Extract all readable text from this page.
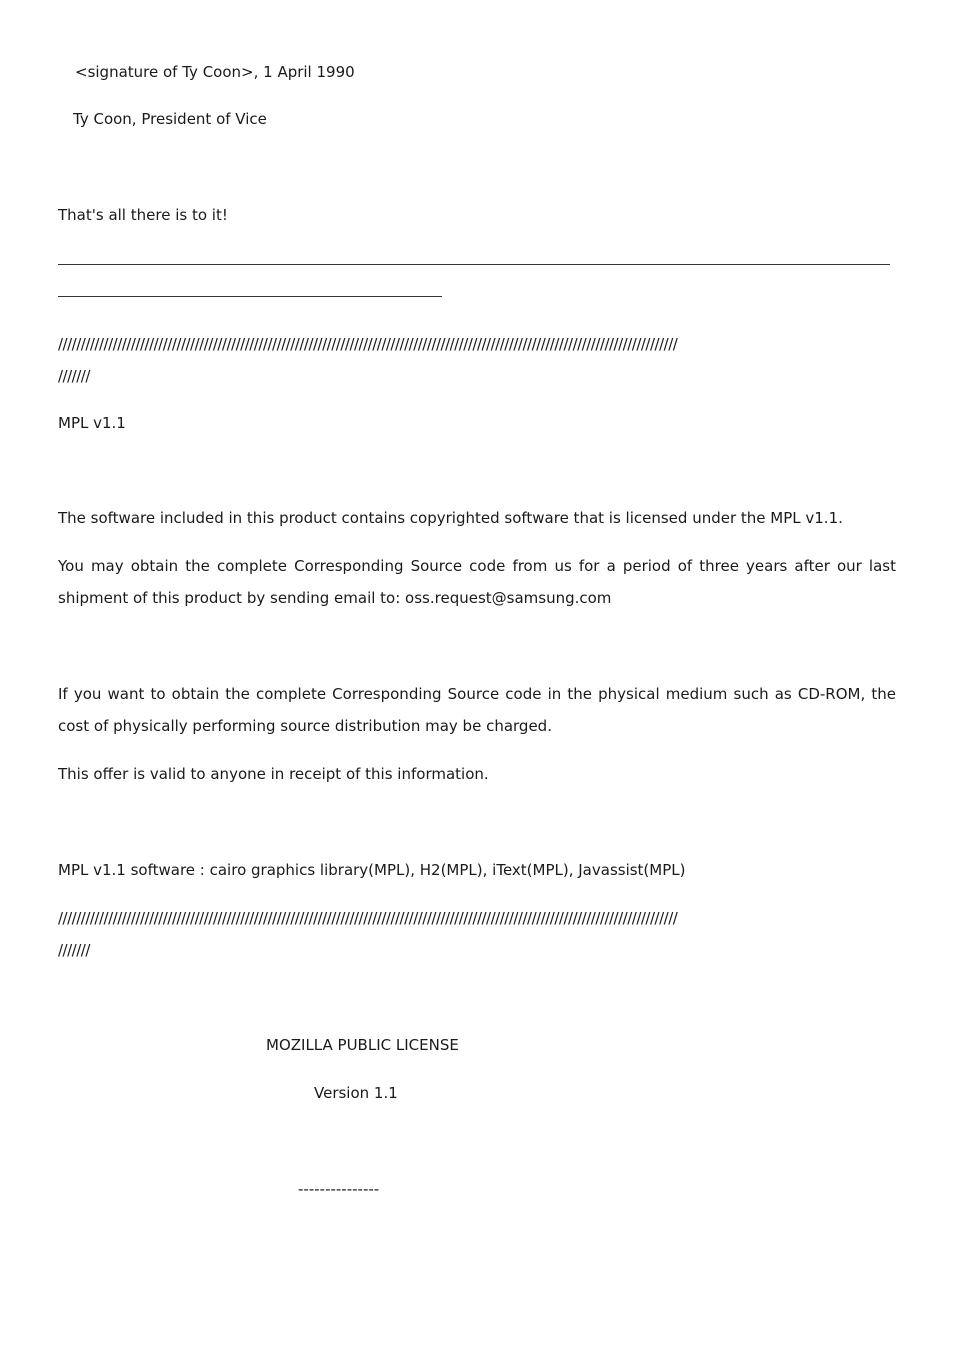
<signature of Ty Coon>, 1 April 1990
Ty Coon, President of Vice
That's all there is to it!
////////////////////////////////////////////////////////////////////////////////////////////////////////////////////////////////////////
///////
MPL v1.1
The software included in this product contains copyrighted software that is licensed under the MPL v1.1.
You may obtain the complete Corresponding Source code from us for a period of three years after our last shipment of this product by sending email to: oss.request@samsung.com
If you want to obtain the complete Corresponding Source code in the physical medium such as CD-ROM, the cost of physically performing source distribution may be charged.
This offer is valid to anyone in receipt of this information.
MPL v1.1 software : cairo graphics library(MPL), H2(MPL), iText(MPL), Javassist(MPL)
////////////////////////////////////////////////////////////////////////////////////////////////////////////////////////////////////////
///////
MOZILLA PUBLIC LICENSE
Version 1.1
---------------
